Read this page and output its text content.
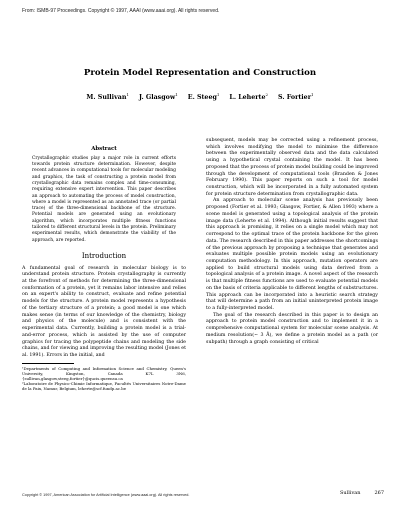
From: ISMB-97 Proceedings. Copyright © 1997, AAAI (www.aaai.org). All rights reserved.
Protein Model Representation and Construction
M. Sullivan$^1$ J. Glasgow$^1$ E. Steeg$^1$ L. Leherte$^2$ S. Fortier$^1$
Abstract

Crystallographic studies play a major role in current efforts towards protein structure determination. However, despite recent advances in computational tools for molecular modeling and graphics, the task of constructing a protein model from crystallographic data remains complex and time-consuming, requiring extensive expert intervention. This paper describes an approach to automating the process of model construction, where a model is represented as an annotated trace (or partial trace) of the three-dimensional backbone of the structure. Potential models are generated using an evolutionary algorithm, which incorporates multiple fitness functions tailored to different structural levels in the protein. Preliminary experimental results, which demonstrate the viability of the approach, are reported.

Introduction

A fundamental goal of research in molecular biology is to understand protein structure. Protein crystallography is currently at the forefront of methods for determining the three-dimensional conformation of a protein, yet it remains labor intensive and relies on an expert's ability to construct, evaluate and refine potential models for the structure. A protein model represents a hypothesis of the tertiary structure of a protein; a good model is one which makes sense (in terms of our knowledge of the chemistry, biology and physics of the molecule) and is consistent with the experimental data. Currently, building a protein model is a trial-and-error process, which is assisted by the use of computer graphics for tracing the polypeptide chains and modeling the side chains, and for viewing and improving the resulting model (Jones et al. 1991). Errors in the initial, and

¹Departments of Computing and Information Science and Chemistry, Queen's University, Kingston, Canada K7L 3N6, {sullivan,glasgow,steeg,fortier}@qucis.queensu.ca

²Laboratoire de Physico-Chimie Informatique, Facultés Universitaires Notre-Dame de la Paix, Namur, Belgium, leherte@scf.fundp.ac.be

subsequent, models may be corrected using a refinement process, which involves modifying the model to minimise the difference between the experimentally observed data and the data calculated using a hypothetical crystal containing the model. It has been proposed that the process of protein model building could be improved through the development of computational tools (Branden & Jones February 1990). This paper reports on such a tool for model construction, which will be incorporated in a fully automated system for protein structure determination from crystallographic data.

An approach to molecular scene analysis has previously been proposed (Fortier et al. 1993; Glasgow, Fortier, & Allen 1993) where a scene model is generated using a topological analysis of the protein image data (Leherte et al. 1994). Although initial results suggest that this approach is promising, it relies on a single model which may not correspond to the optimal trace of the protein backbone for the given data. The research described in this paper addresses the shortcomings of the previous approach by proposing a technique that generates and evaluates multiple possible protein models using an evolutionary computation methodology. In this approach, mutation operators are applied to build structural models using data derived from a topological analysis of a protein image. A novel aspect of the research is that multiple fitness functions are used to evaluate potential models on the basis of criteria applicable to different lengths of substructures. This approach can be incorporated into a heuristic search strategy that will determine a path from an initial uninterpreted protein image to a fully-interpreted model.

The goal of the research described in this paper is to design an approach to protein model construction and to implement it in a comprehensive computational system for molecular scene analysis. At medium resolution(∼ 3 Å), we define a protein model as a path (or subpath) through a graph consisting of critical

Copyright © 1997, American Association for Artificial Intelligence (www.aaai.org). All rights reserved.	Sullivan	267
